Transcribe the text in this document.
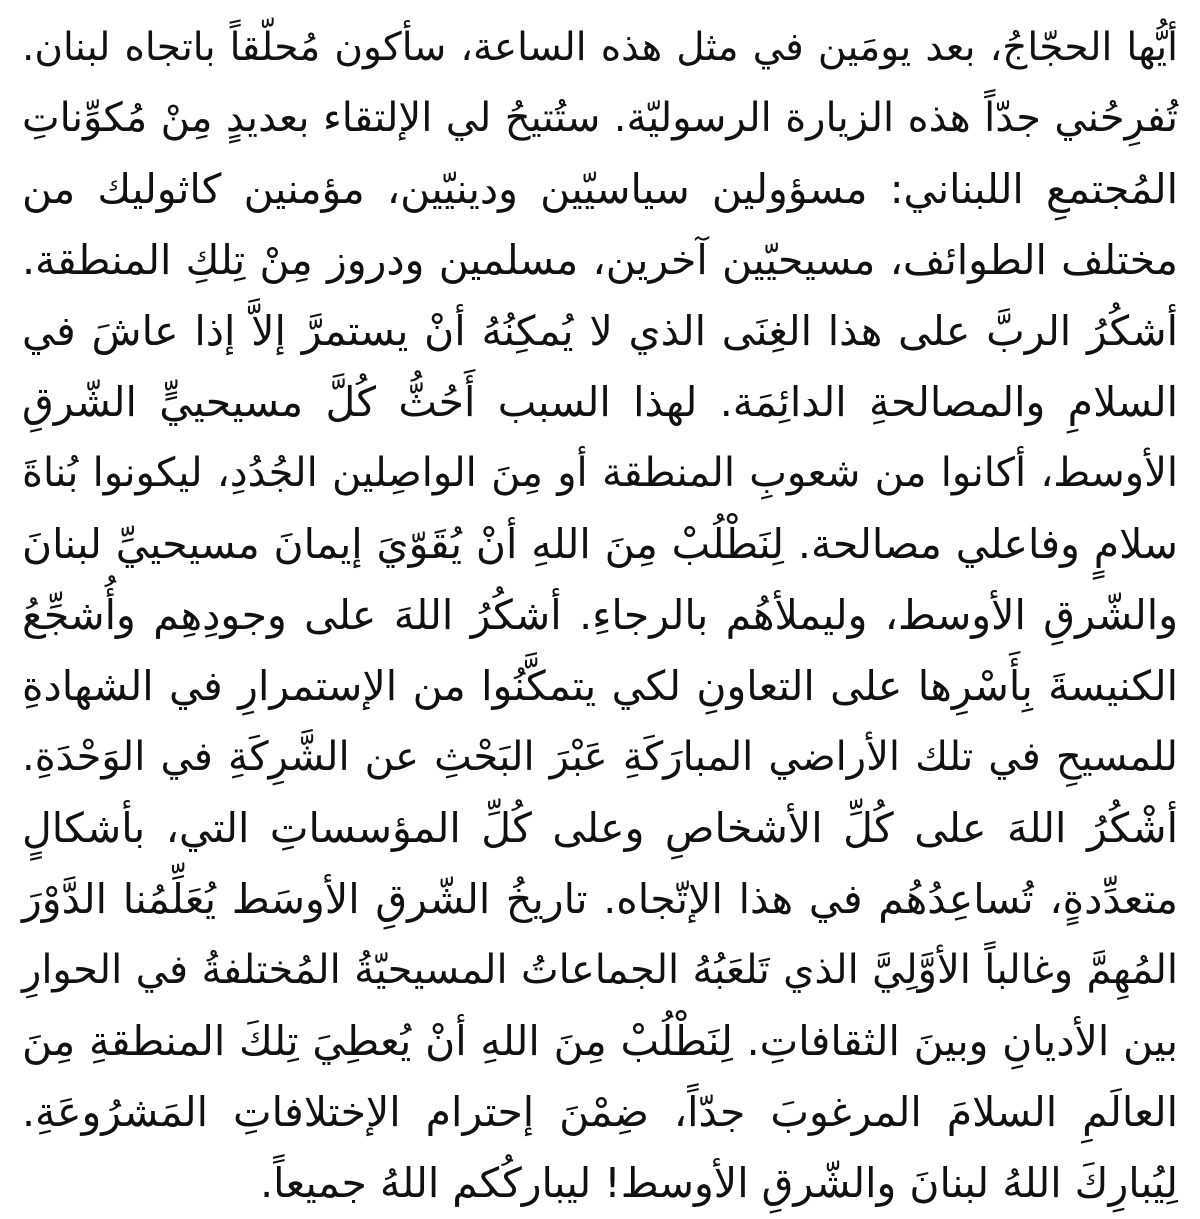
أيُّها الحجّاجُ، بعد يومَين في مثل هذه الساعة، سأكون مُحلّقاً باتجاه لبنان.
تُفرِحُني جدّاً هذه الزيارة الرسوليّة. ستُتيحُ لي الإلتقاء بعديدٍ مِنْ مُكوِّناتِ
المُجتمعِ اللبناني: مسؤولين سياسيّين ودينيّين، مؤمنين كاثوليك من
مختلف الطوائف، مسيحيّين آخرين، مسلمين ودروز مِنْ تِلكِ المنطقة.
أشكُرُ الربَّ على هذا الغِنَى الذي لا يُمكِنُهُ أنْ يستمرَّ إلاَّ إذا عاشَ في
السلامِ والمصالحةِ الدائِمَة. لهذا السبب أَحُثُّ كُلَّ مسيحييٍّ الشّرقِ
الأوسط، أكانوا من شعوبِ المنطقة أو مِنَ الواصِلين الجُدُدِ، ليكونوا بُناةَ
سلامٍ وفاعلي مصالحة. لِنَطْلُبْ مِنَ اللهِ أنْ يُقَوّيَ إيمانَ مسيحييِّ لبنانَ
والشّرقِ الأوسط، وليملأهُم بالرجاءِ. أشكُرُ اللهَ على وجودِهِم وأُشجِّعُ
الكنيسةَ بِأَسْرِها على التعاونِ لكي يتمكَّنُوا من الإستمرارِ في الشهادةِ
للمسيحِ في تلك الأراضي المبارَكَةِ عَبْرَ البَحْثِ عن الشَّرِكَةِ في الوَحْدَةِ.
أشْكُرُ اللهَ على كُلِّ الأشخاصِ وعلى كُلِّ المؤسساتِ التي، بأشكالٍ
متعدِّدةٍ، تُساعِدُهُم في هذا الإتّجاه. تاريخُ الشّرقِ الأوسَط يُعَلِّمُنا الدَّوْرَ
المُهِمَّ وغالباً الأوَّلِيَّ الذي تَلعَبُهُ الجماعاتُ المسيحيّةُ المُختلفةُ في الحوارِ
بين الأديانِ وبينَ الثقافاتِ. لِنَطْلُبْ مِنَ اللهِ أنْ يُعطِيَ تِلكَ المنطقةِ مِنَ
العالَمِ السلامَ المرغوبَ جدّاً، ضِمْنَ إحترام الإختلافاتِ المَشرُوعَةِ.
لِيُبارِكَ اللهُ لبنانَ والشّرقِ الأوسط! ليباركُكم اللهُ جميعاً.
